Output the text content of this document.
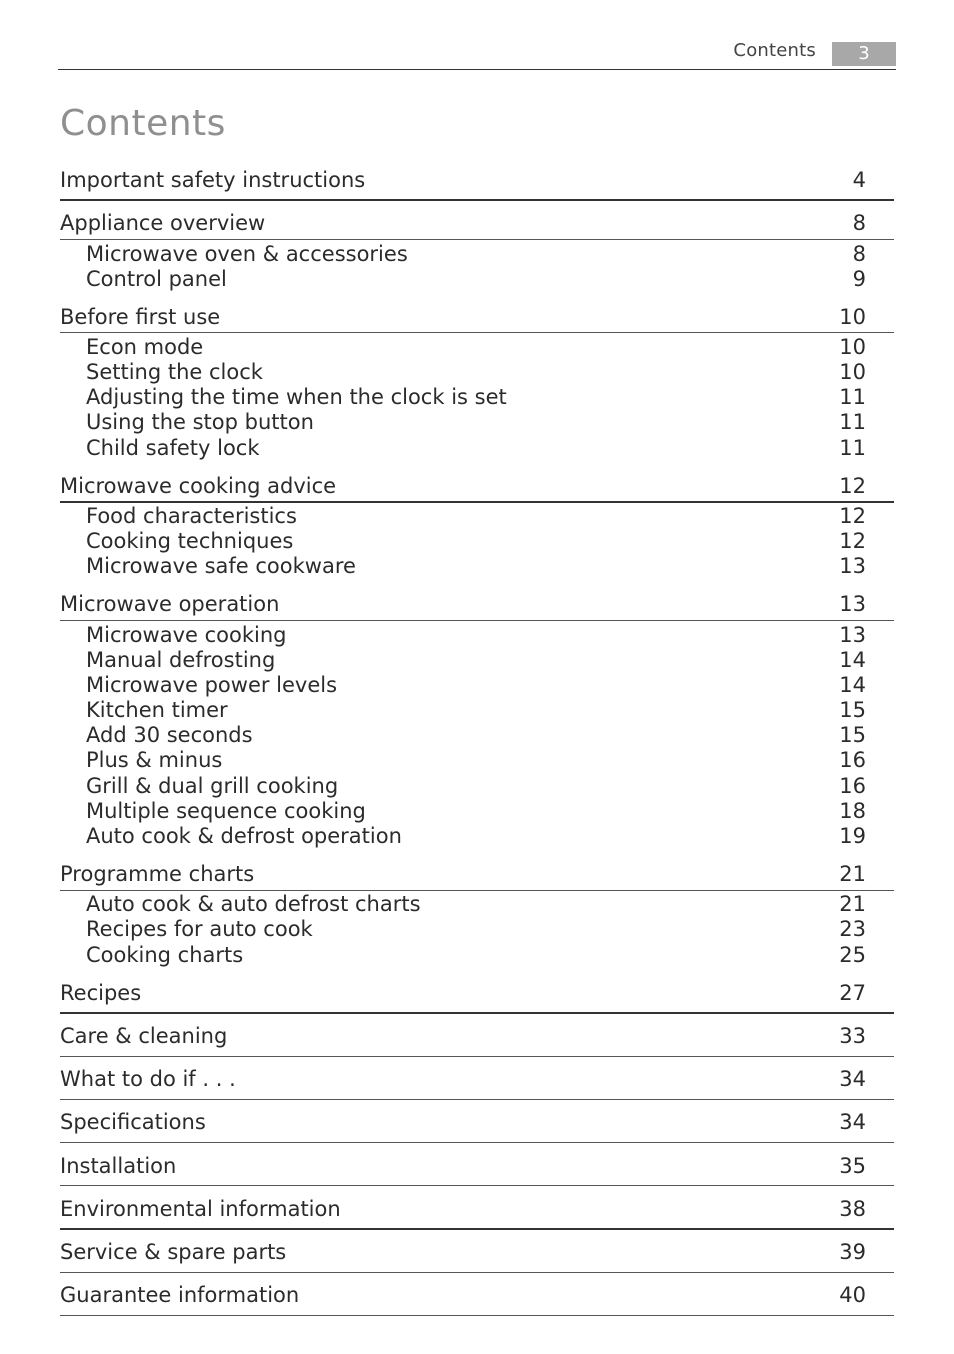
Contents	3
Contents
Important safety instructions	4
Appliance overview	8
Microwave oven & accessories	8
Control panel	9
Before first use	10
Econ mode	10
Setting the clock	10
Adjusting the time when the clock is set	11
Using the stop button	11
Child safety lock	11
Microwave cooking advice	12
Food characteristics	12
Cooking techniques	12
Microwave safe cookware	13
Microwave operation	13
Microwave cooking	13
Manual defrosting	14
Microwave power levels	14
Kitchen timer	15
Add 30 seconds	15
Plus & minus	16
Grill & dual grill cooking	16
Multiple sequence cooking	18
Auto cook & defrost operation	19
Programme charts	21
Auto cook & auto defrost charts	21
Recipes for auto cook	23
Cooking charts	25
Recipes	27
Care & cleaning	33
What to do if . . .	34
Specifications	34
Installation	35
Environmental information	38
Service & spare parts	39
Guarantee information	40
